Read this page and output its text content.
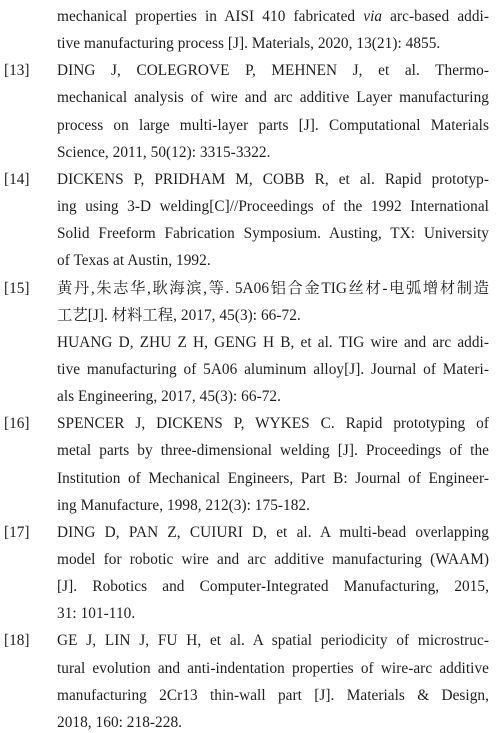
mechanical properties in AISI 410 fabricated via arc-based addi-
tive manufacturing process [J]. Materials, 2020, 13(21): 4855.
[13] DING J, COLEGROVE P, MEHNEN J, et al. Thermo-
mechanical analysis of wire and arc additive Layer manufacturing
process on large multi-layer parts [J]. Computational Materials
Science, 2011, 50(12): 3315-3322.
[14] DICKENS P, PRIDHAM M, COBB R, et al. Rapid prototyp-
ing using 3-D welding[C]//Proceedings of the 1992 International
Solid Freeform Fabrication Symposium. Austing, TX: University
of Texas at Austin, 1992.
[15] 黄丹,朱志华,耿海滨,等. 5A06铝合金TIG丝材-电弧增材制造
工艺[J]. 材料工程, 2017, 45(3): 66-72.
HUANG D, ZHU Z H, GENG H B, et al. TIG wire and arc addi-
tive manufacturing of 5A06 aluminum alloy[J]. Journal of Materi-
als Engineering, 2017, 45(3): 66-72.
[16] SPENCER J, DICKENS P, WYKES C. Rapid prototyping of
metal parts by three-dimensional welding [J]. Proceedings of the
Institution of Mechanical Engineers, Part B: Journal of Engineer-
ing Manufacture, 1998, 212(3): 175-182.
[17] DING D, PAN Z, CUIURI D, et al. A multi-bead overlapping
model for robotic wire and arc additive manufacturing (WAAM)
[J]. Robotics and Computer-Integrated Manufacturing, 2015,
31: 101-110.
[18] GE J, LIN J, FU H, et al. A spatial periodicity of microstruc-
tural evolution and anti-indentation properties of wire-arc additive
manufacturing 2Cr13 thin-wall part [J]. Materials & Design,
2018, 160: 218-228.
